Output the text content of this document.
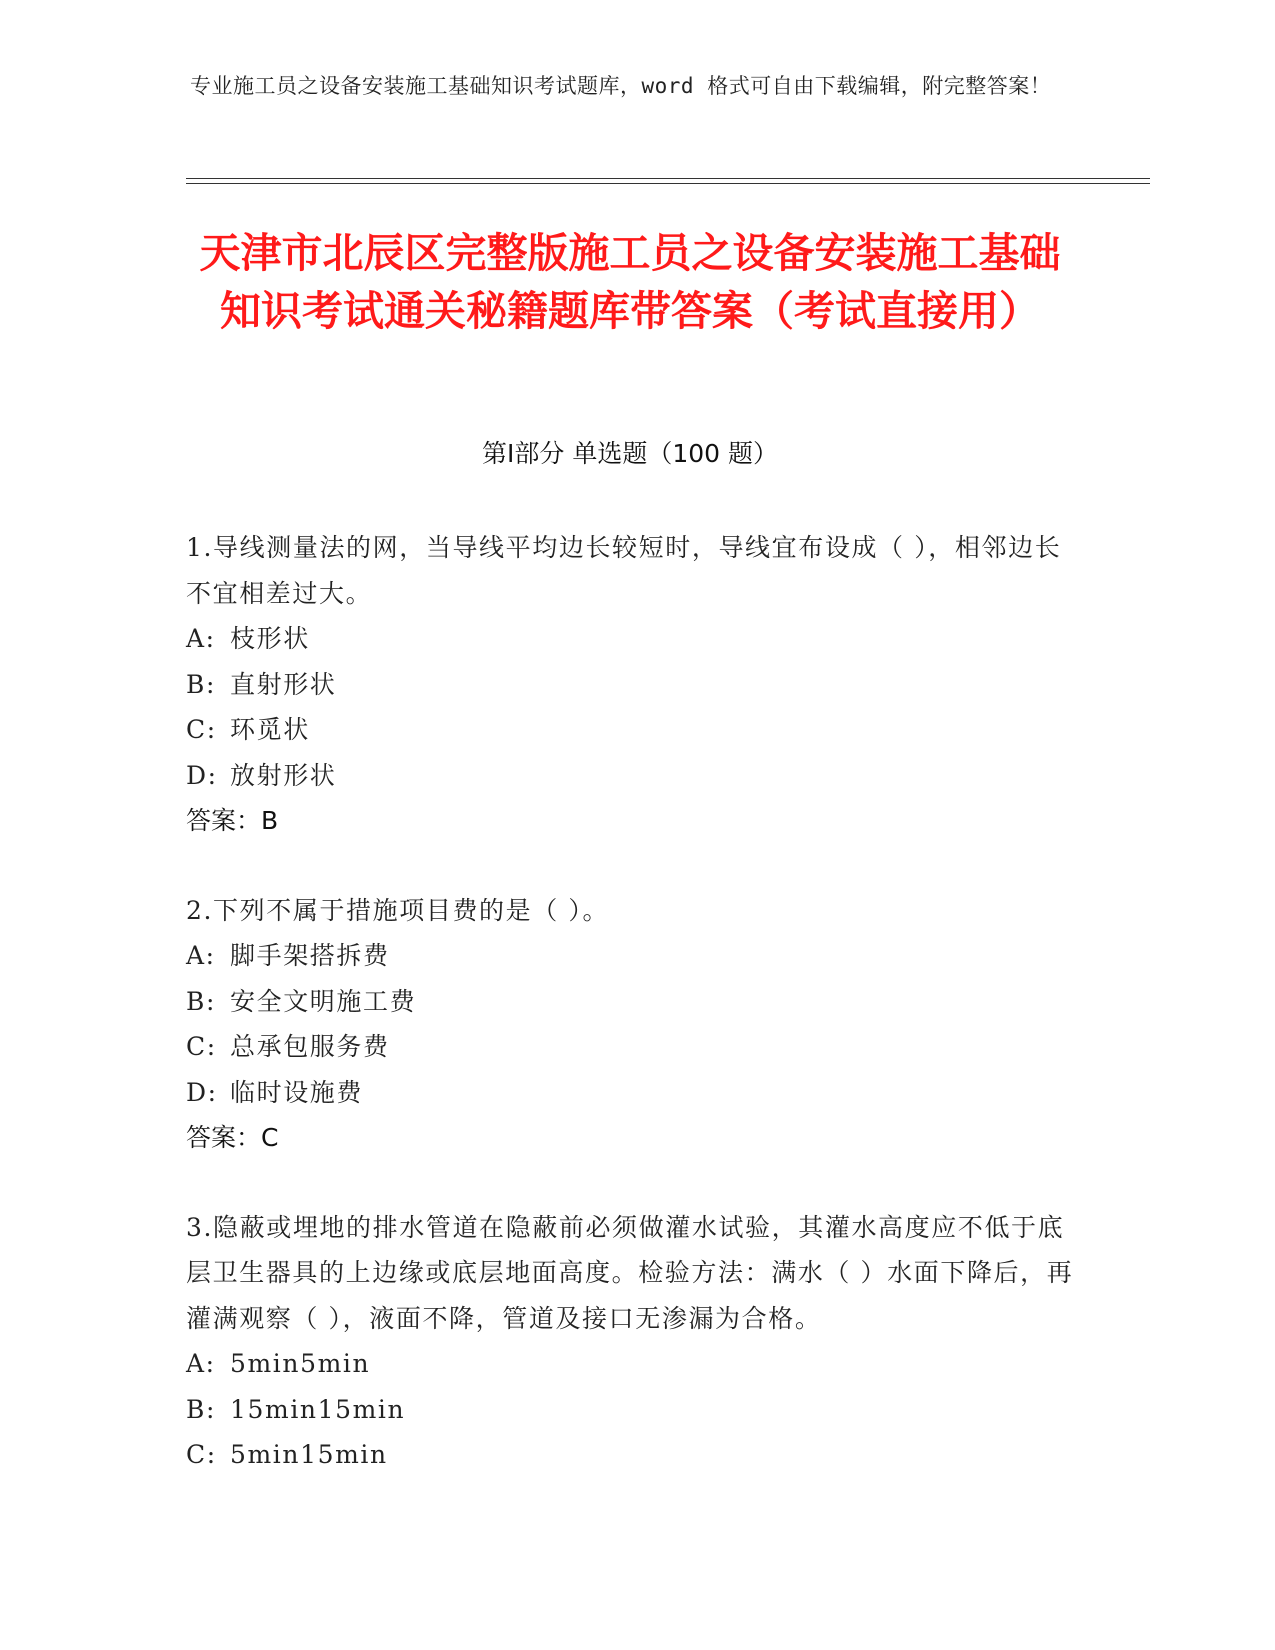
专业施工员之设备安装施工基础知识考试题库，word 格式可自由下载编辑，附完整答案！
天津市北辰区完整版施工员之设备安装施工基础知识考试通关秘籍题库带答案（考试直接用）
第Ⅰ部分 单选题（100 题）
1.导线测量法的网，当导线平均边长较短时，导线宜布设成（ ），相邻边长不宜相差过大。
A: 枝形状
B: 直射形状
C: 环觅状
D: 放射形状
答案：B
2.下列不属于措施项目费的是（ ）。
A: 脚手架搭拆费
B: 安全文明施工费
C: 总承包服务费
D: 临时设施费
答案：C
3.隐蔽或埋地的排水管道在隐蔽前必须做灌水试验，其灌水高度应不低于底层卫生器具的上边缘或底层地面高度。检验方法：满水（ ）水面下降后，再灌满观察（ ），液面不降，管道及接口无渗漏为合格。
A: 5min5min
B: 15min15min
C: 5min15min
